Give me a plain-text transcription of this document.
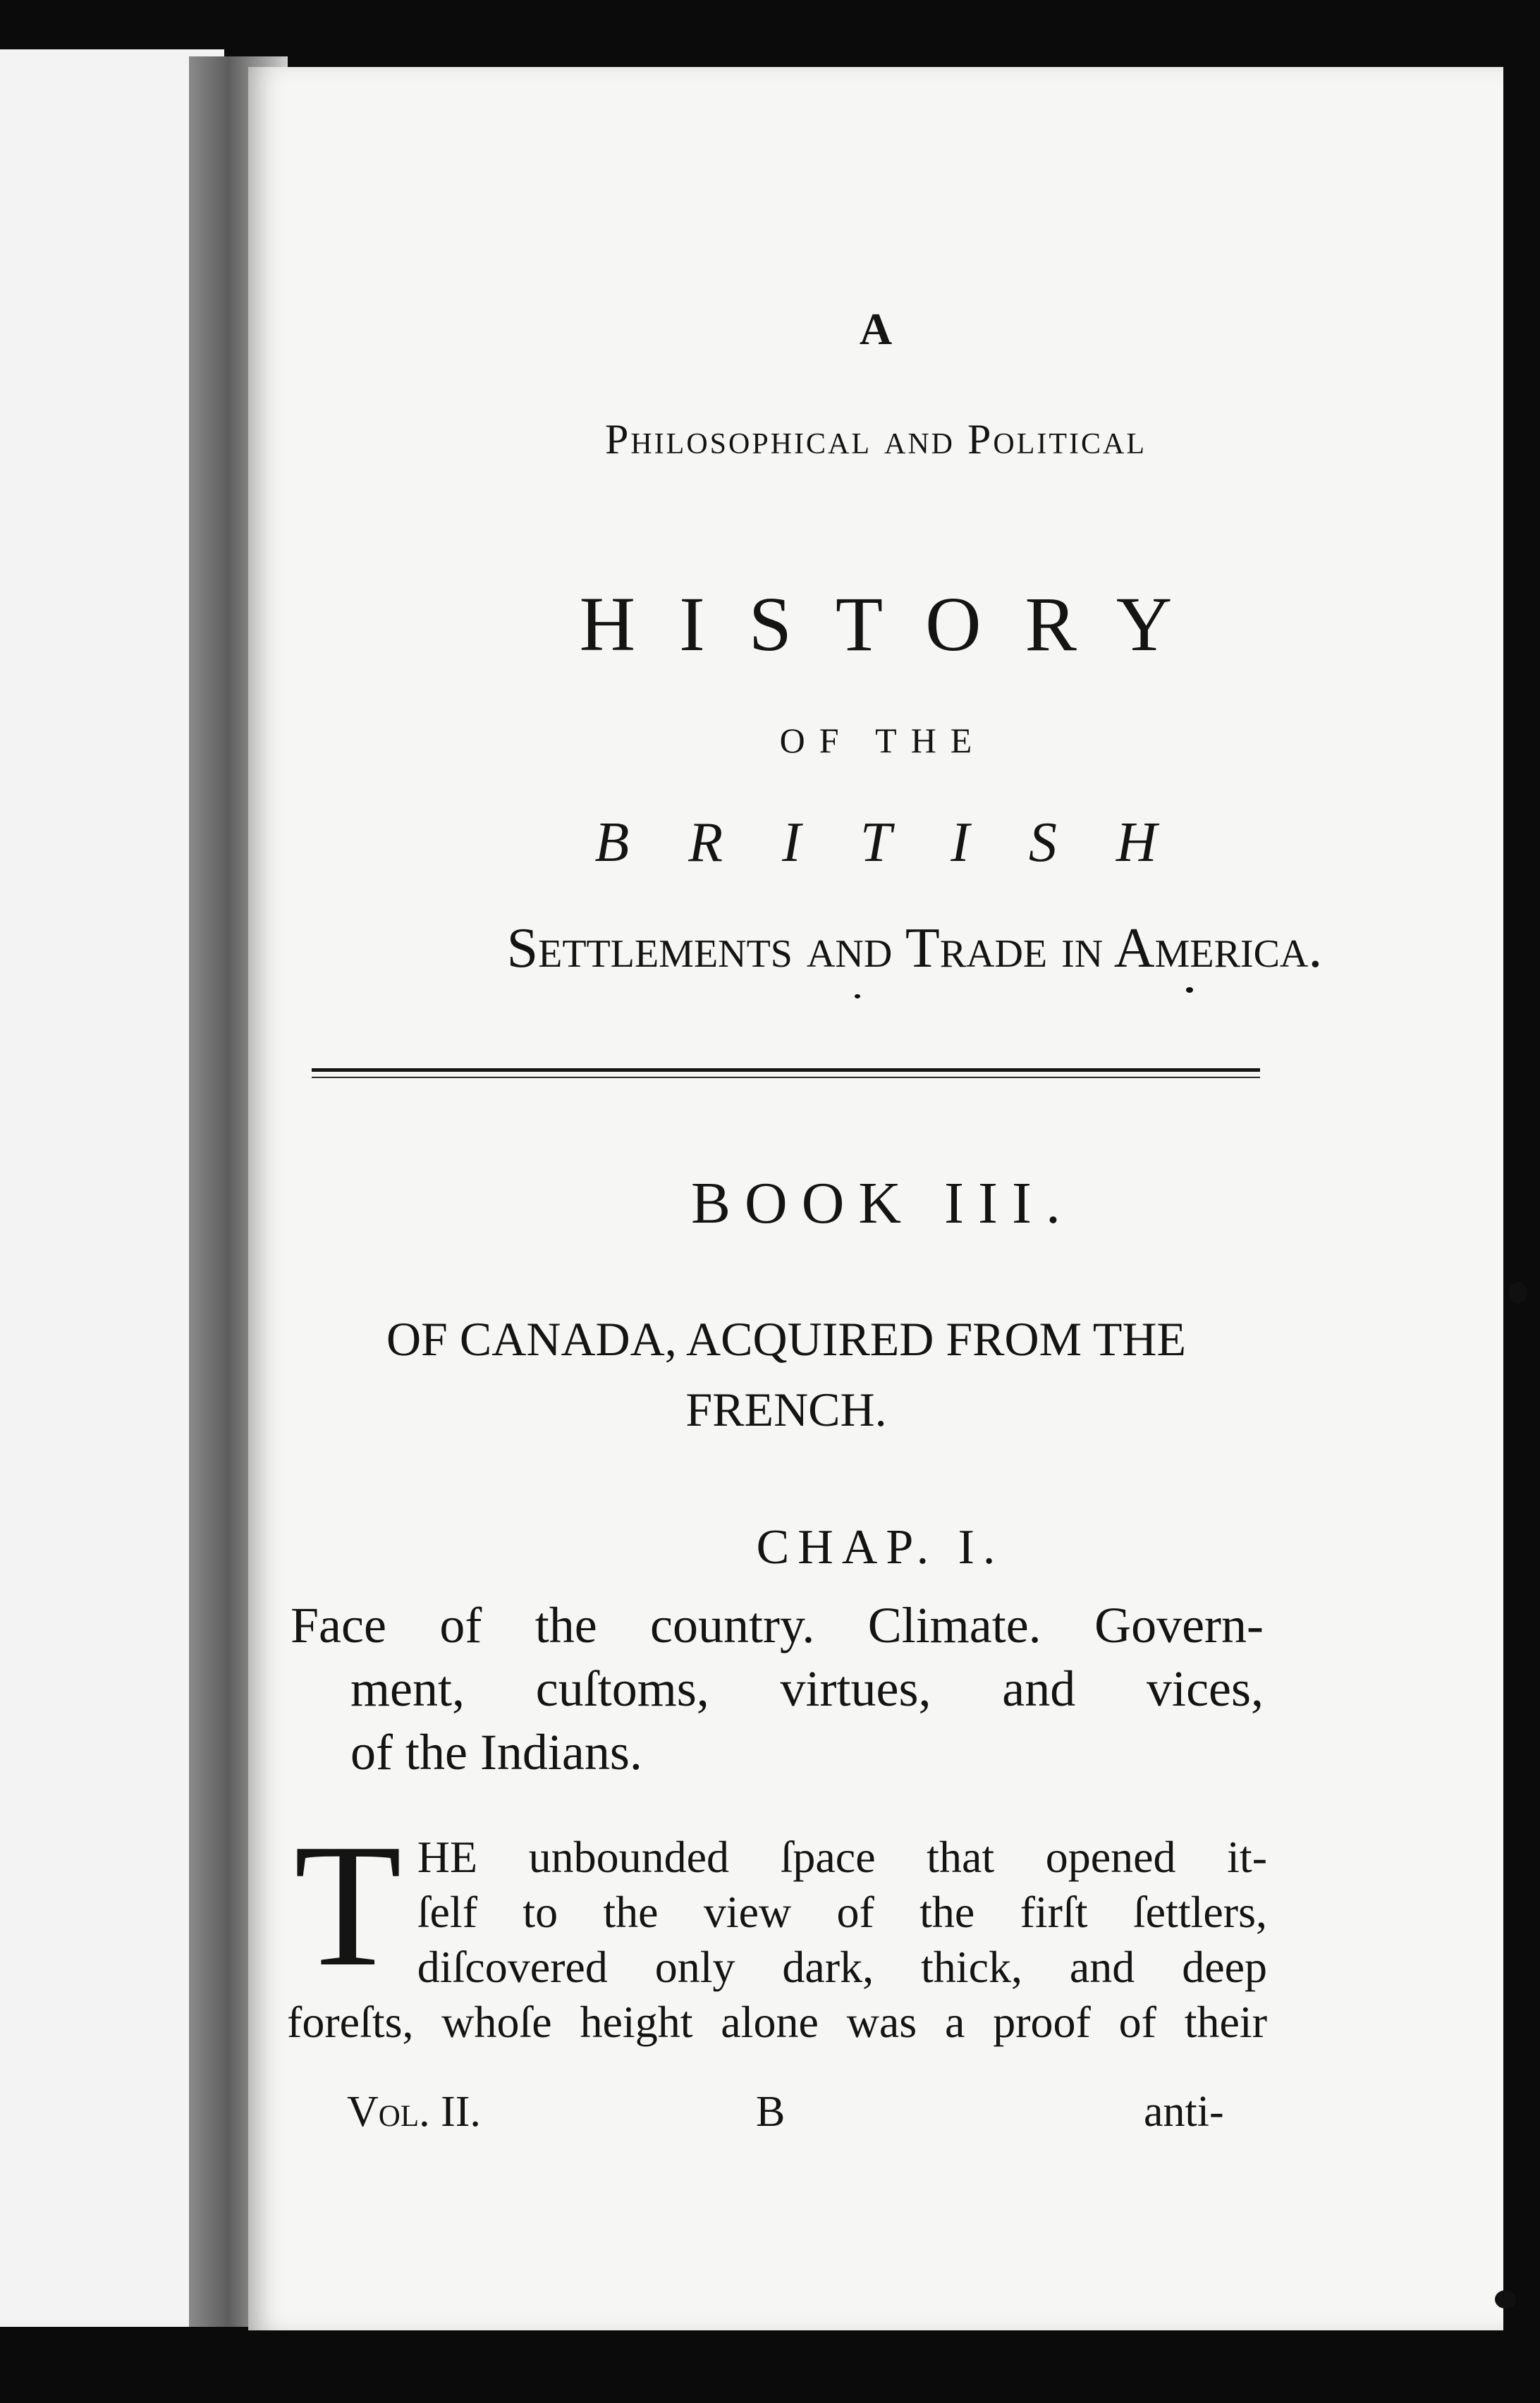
A
Philosophical and Political
HISTORY
OF THE
BRITISH
Settlements and Trade in America.
BOOK III.
OF CANADA, ACQUIRED FROM THE
FRENCH.
CHAP. I.
Face of the country. Climate. Govern-
ment, cuſtoms, virtues, and vices,
of the Indians.
T HE unbounded ſpace that opened it-
ſelf to the view of the firſt ſettlers,
diſcovered only dark, thick, and deep
foreſts, whoſe height alone was a proof of their
Vol. II.	B	anti-
